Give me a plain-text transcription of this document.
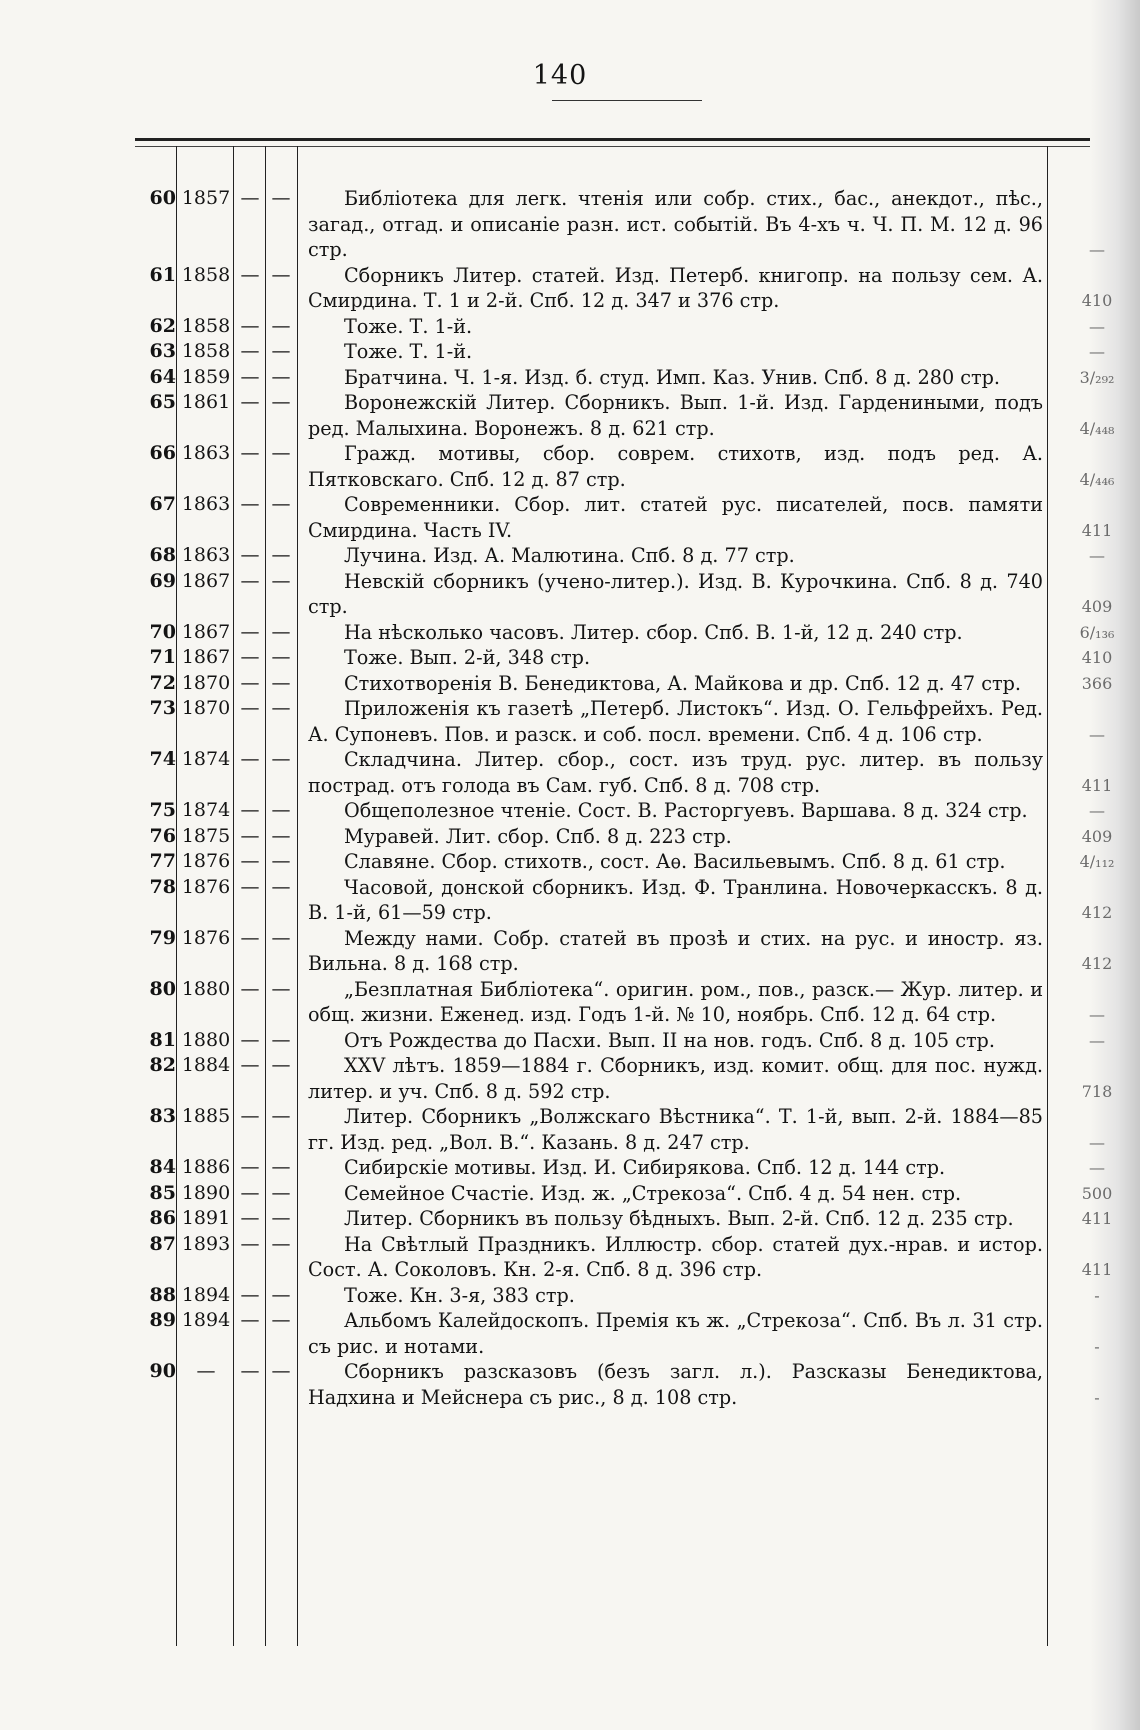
140
60 1857 — —	Библіотека для легк. чтенія или собр. стих., бас., анекдот., пѣс., загад., отгад. и описаніе разн. ист. событій. Въ 4-хъ ч. Ч. П. М. 12 д. 96 стр.	—
61 1858 — —	Сборникъ Литер. статей. Изд. Петерб. книгопр. на пользу сем. А. Смирдина. Т. 1 и 2-й. Спб. 12 д. 347 и 376 стр.	410
62 1858 — —	Тоже. Т. 1-й.	—
63 1858 — —	Тоже. Т. 1-й.	—
64 1859 — —	Братчина. Ч. 1-я. Изд. б. студ. Имп. Каз. Унив. Спб. 8 д. 280 стр.	3/₂₉₂
65 1861 — —	Воронежскій Литер. Сборникъ. Вып. 1-й. Изд. Гардениными, подъ ред. Малыхина. Воронежъ. 8 д. 621 стр.	4/₄₄₈
66 1863 — —	Гражд. мотивы, сбор. соврем. стихотв, изд. подъ ред. А. Пятковскаго. Спб. 12 д. 87 стр.	4/₄₄₆
67 1863 — —	Современники. Сбор. лит. статей рус. писателей, посв. памяти Смирдина. Часть IV.	411
68 1863 — —	Лучина. Изд. А. Малютина. Спб. 8 д. 77 стр.	—
69 1867 — —	Невскій сборникъ (учено-литер.). Изд. В. Курочкина. Спб. 8 д. 740 стр.	409
70 1867 — —	На нѣсколько часовъ. Литер. сбор. Спб. В. 1-й, 12 д. 240 стр.	6/₁₃₆
71 1867 — —	Тоже. Вып. 2-й, 348 стр.	410
72 1870 — —	Стихотворенія В. Бенедиктова, А. Майкова и др. Спб. 12 д. 47 стр.	366
73 1870 — —	Приложенія къ газетѣ „Петерб. Листокъ“. Изд. О. Гельфрейхъ. Ред. А. Супоневъ. Пов. и разск. и соб. посл. времени. Спб. 4 д. 106 стр.	—
74 1874 — —	Складчина. Литер. сбор., сост. изъ труд. рус. литер. въ пользу пострад. отъ голода въ Сам. губ. Спб. 8 д. 708 стр.	411
75 1874 — —	Общеполезное чтеніе. Сост. В. Расторгуевъ. Варшава. 8 д. 324 стр.	—
76 1875 — —	Муравей. Лит. сбор. Спб. 8 д. 223 стр.	409
77 1876 — —	Славяне. Сбор. стихотв., сост. Аѳ. Васильевымъ. Спб. 8 д. 61 стр.	4/₁₁₂
78 1876 — —	Часовой, донской сборникъ. Изд. Ф. Транлина. Новочеркасскъ. 8 д. В. 1-й, 61—59 стр.	412
79 1876 — —	Между нами. Собр. статей въ прозѣ и стих. на рус. и иностр. яз. Вильна. 8 д. 168 стр.	412
80 1880 — —	„Безплатная Библіотека“. оригин. ром., пов., разск.— Жур. литер. и общ. жизни. Еженед. изд. Годъ 1-й. № 10, ноябрь. Спб. 12 д. 64 стр.	—
81 1880 — —	Отъ Рождества до Пасхи. Вып. II на нов. годъ. Спб. 8 д. 105 стр.	—
82 1884 — —	XXV лѣтъ. 1859—1884 г. Сборникъ, изд. комит. общ. для пос. нужд. литер. и уч. Спб. 8 д. 592 стр.	718
83 1885 — —	Литер. Сборникъ „Волжскаго Вѣстника“. Т. 1-й, вып. 2-й. 1884—85 гг. Изд. ред. „Вол. В.“. Казань. 8 д. 247 стр.	—
84 1886 — —	Сибирскіе мотивы. Изд. И. Сибирякова. Спб. 12 д. 144 стр.	—
85 1890 — —	Семейное Счастіе. Изд. ж. „Стрекоза“. Спб. 4 д. 54 нен. стр.	500
86 1891 — —	Литер. Сборникъ въ пользу бѣдныхъ. Вып. 2-й. Спб. 12 д. 235 стр.	411
87 1893 — —	На Свѣтлый Праздникъ. Иллюстр. сбор. статей дух.-нрав. и истор. Сост. А. Соколовъ. Кн. 2-я. Спб. 8 д. 396 стр.	411
88 1894 — —	Тоже. Кн. 3-я, 383 стр.	-
89 1894 — —	Альбомъ Калейдоскопъ. Премія къ ж. „Стрекоза“. Спб. Въ л. 31 стр. съ рис. и нотами.	-
90	—	— —	Сборникъ разсказовъ (безъ загл. л.). Разсказы Бенедиктова, Надхина и Мейснера съ рис., 8 д. 108 стр.	-
